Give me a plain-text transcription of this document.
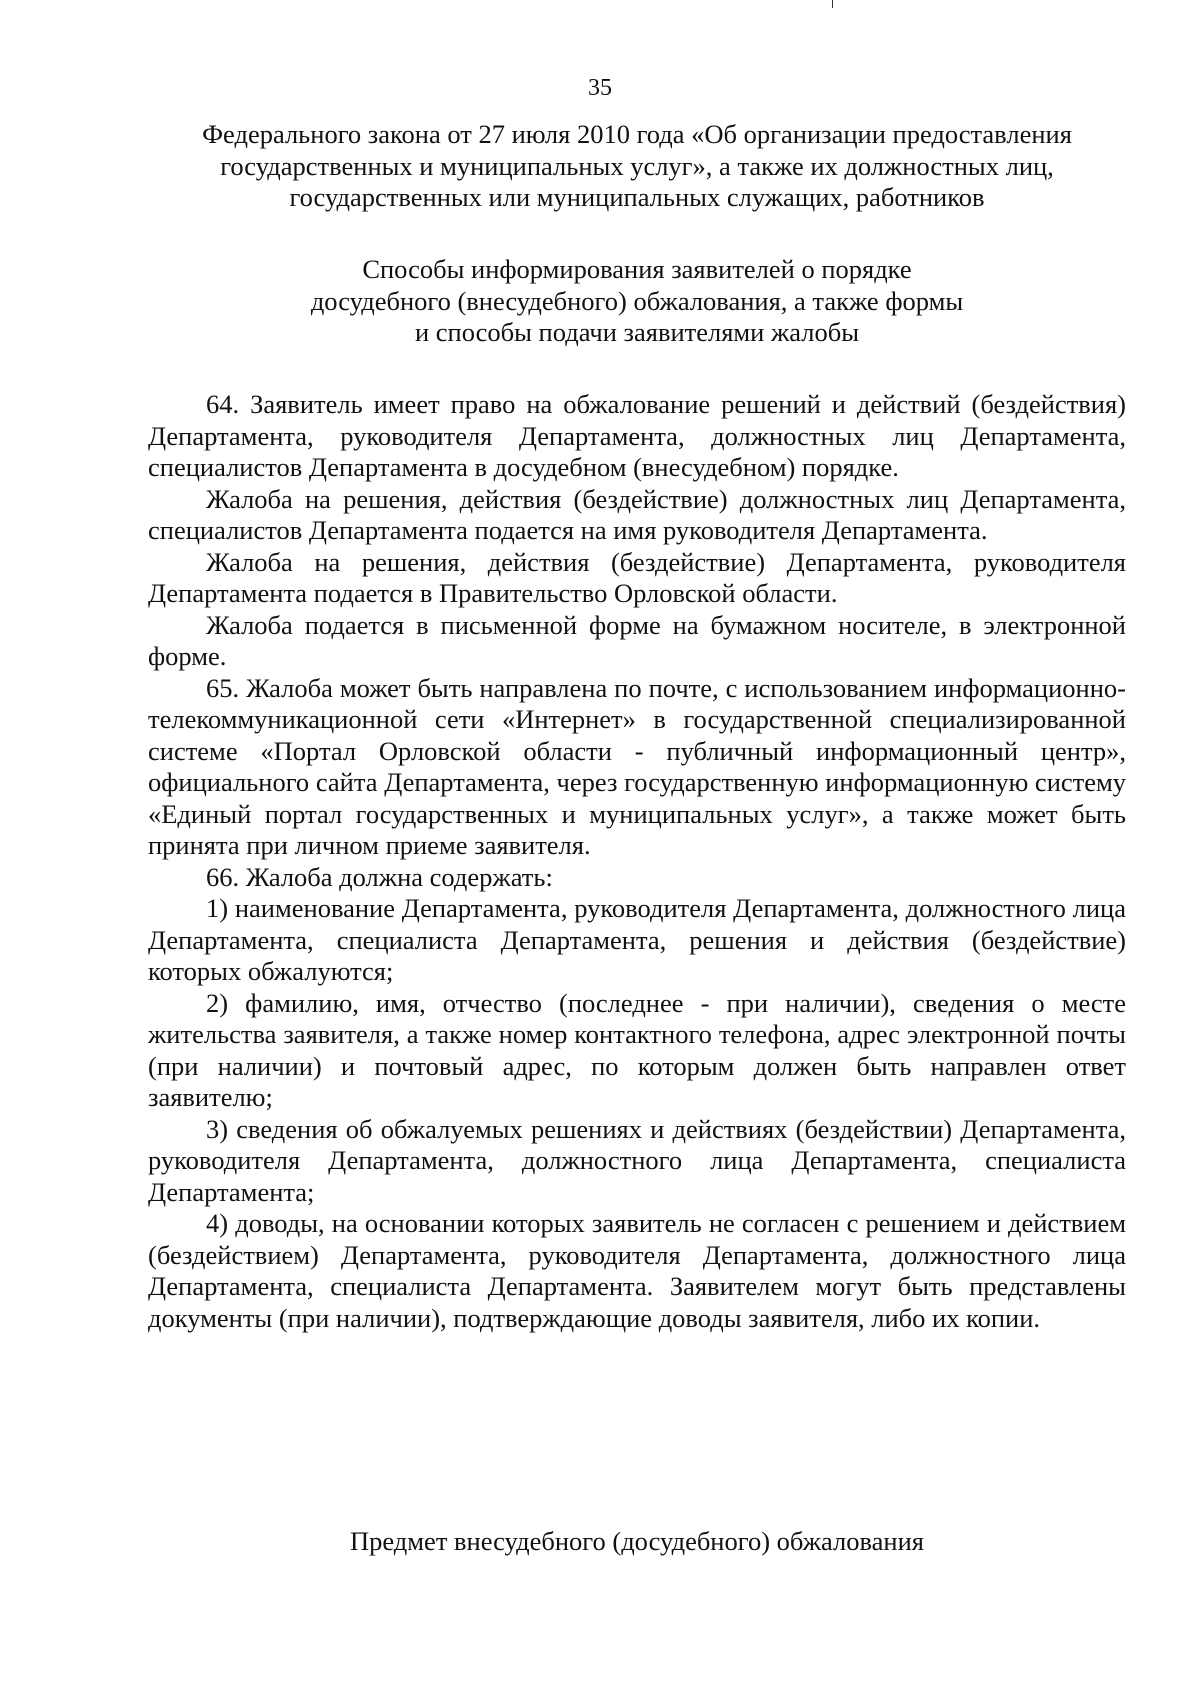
35
Федерального закона от 27 июля 2010 года «Об организации предоставления
государственных и муниципальных услуг», а также их должностных лиц,
государственных или муниципальных служащих, работников
Способы информирования заявителей о порядке
досудебного (внесудебного) обжалования, а также формы
и способы подачи заявителями жалобы

64. Заявитель имеет право на обжалование решений и действий (бездействия) Департамента, руководителя Департамента, должностных лиц Департамента, специалистов Департамента в досудебном (внесудебном) порядке.

Жалоба на решения, действия (бездействие) должностных лиц Департамента, специалистов Департамента подается на имя руководителя Департамента.

Жалоба на решения, действия (бездействие) Департамента, руководителя Департамента подается в Правительство Орловской области.

Жалоба подается в письменной форме на бумажном носителе, в электронной форме.

65. Жалоба может быть направлена по почте, с использованием информационно-телекоммуникационной сети «Интернет» в государственной специализированной системе «Портал Орловской области - публичный информационный центр», официального сайта Департамента, через государственную информационную систему «Единый портал государственных и муниципальных услуг», а также может быть принята при личном приеме заявителя.

66. Жалоба должна содержать:

1) наименование Департамента, руководителя Департамента, должностного лица Департамента, специалиста Департамента, решения и действия (бездействие) которых обжалуются;

2) фамилию, имя, отчество (последнее - при наличии), сведения о месте жительства заявителя, а также номер контактного телефона, адрес электронной почты (при наличии) и почтовый адрес, по которым должен быть направлен ответ заявителю;

3) сведения об обжалуемых решениях и действиях (бездействии) Департамента, руководителя Департамента, должностного лица Департамента, специалиста Департамента;

4) доводы, на основании которых заявитель не согласен с решением и действием (бездействием) Департамента, руководителя Департамента, должностного лица Департамента, специалиста Департамента. Заявителем могут быть представлены документы (при наличии), подтверждающие доводы заявителя, либо их копии.

Предмет внесудебного (досудебного) обжалования
